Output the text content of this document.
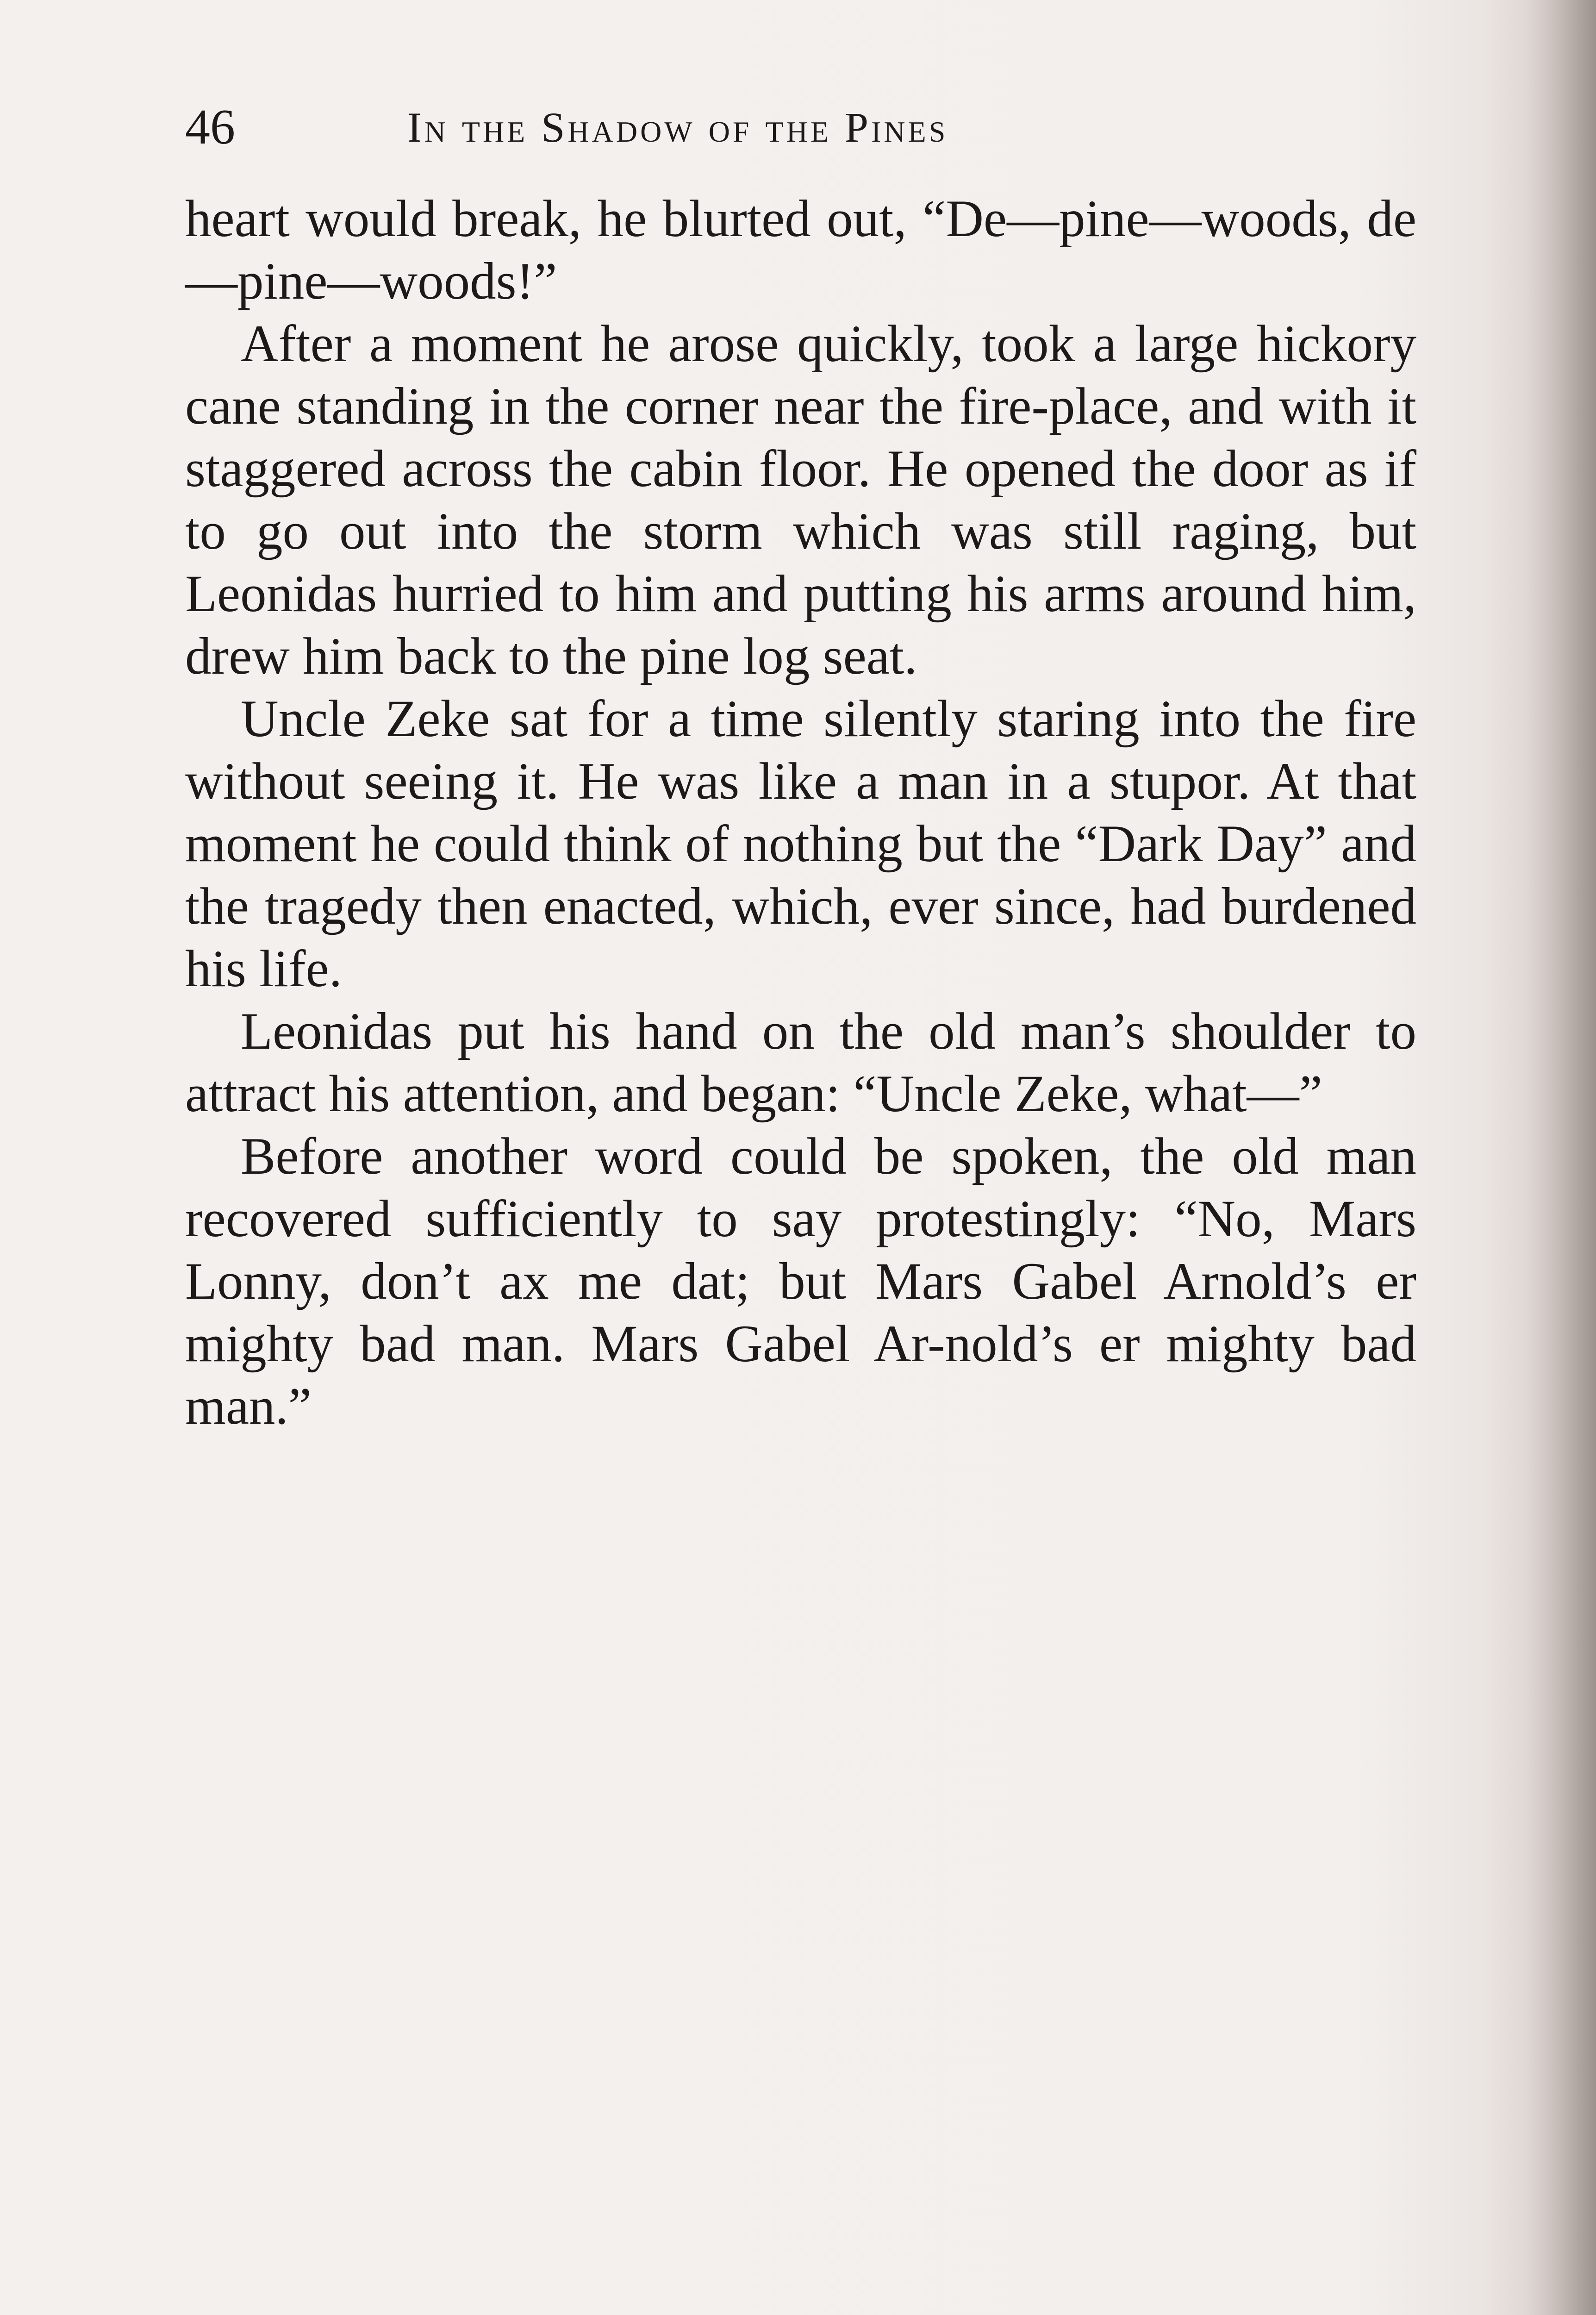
46	In the Shadow of the Pines

heart would break, he blurted out, “De—pine—woods, de—pine—woods!”

After a moment he arose quickly, took a large hickory cane standing in the corner near the fire-place, and with it staggered across the cabin floor. He opened the door as if to go out into the storm which was still raging, but Leonidas hurried to him and putting his arms around him, drew him back to the pine log seat.

Uncle Zeke sat for a time silently staring into the fire without seeing it. He was like a man in a stupor. At that moment he could think of nothing but the “Dark Day” and the tragedy then enacted, which, ever since, had burdened his life.

Leonidas put his hand on the old man’s shoulder to attract his attention, and began: “Uncle Zeke, what—”

Before another word could be spoken, the old man recovered sufficiently to say protestingly: “No, Mars Lonny, don’t ax me dat; but Mars Gabel Arnold’s er mighty bad man. Mars Gabel Ar-nold’s er mighty bad man.”
